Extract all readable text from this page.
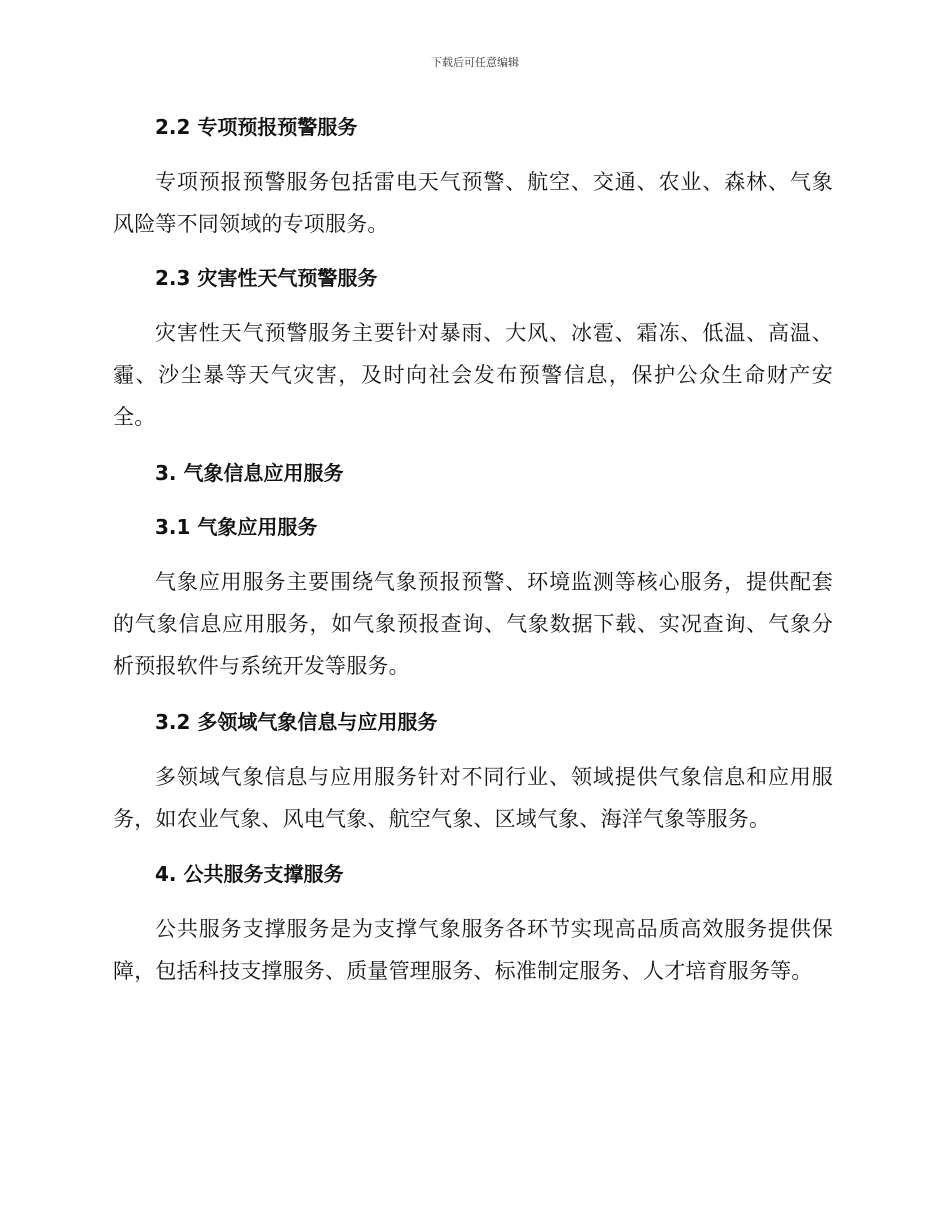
下载后可任意编辑
2.2 专项预报预警服务

专项预报预警服务包括雷电天气预警、航空、交通、农业、森林、气象风险等不同领域的专项服务。

2.3 灾害性天气预警服务

灾害性天气预警服务主要针对暴雨、大风、冰雹、霜冻、低温、高温、霾、沙尘暴等天气灾害，及时向社会发布预警信息，保护公众生命财产安全。

3. 气象信息应用服务
3.1 气象应用服务

气象应用服务主要围绕气象预报预警、环境监测等核心服务，提供配套的气象信息应用服务，如气象预报查询、气象数据下载、实况查询、气象分析预报软件与系统开发等服务。

3.2 多领域气象信息与应用服务

多领域气象信息与应用服务针对不同行业、领域提供气象信息和应用服务，如农业气象、风电气象、航空气象、区域气象、海洋气象等服务。

4. 公共服务支撑服务

公共服务支撑服务是为支撑气象服务各环节实现高品质高效服务提供保障，包括科技支撑服务、质量管理服务、标准制定服务、人才培育服务等。
